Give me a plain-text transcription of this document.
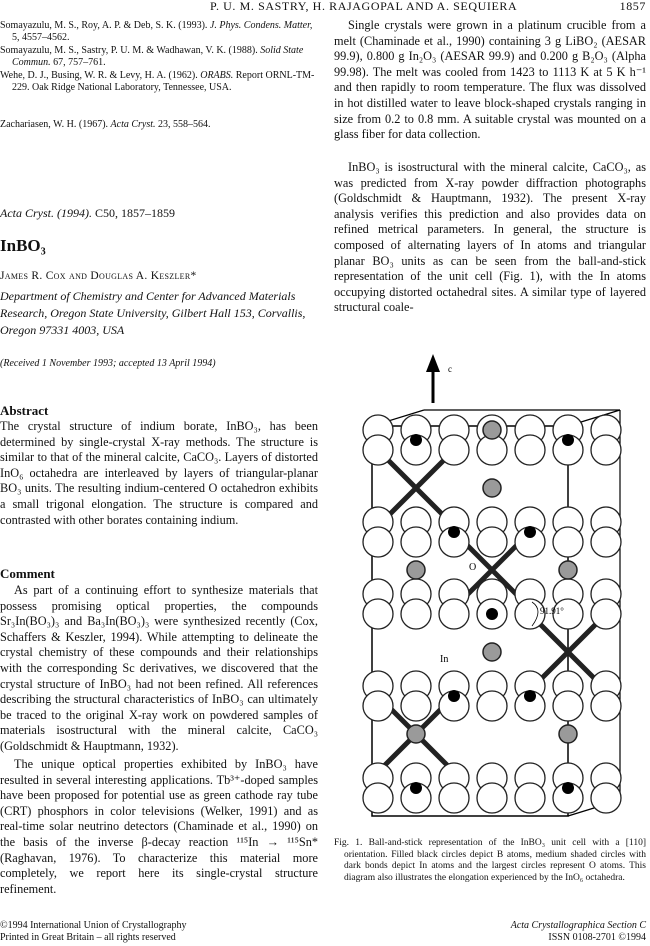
P. U. M. SASTRY, H. RAJAGOPAL AND A. SEQUIERA	1857
Somayazulu, M. S., Roy, A. P. & Deb, S. K. (1993). J. Phys. Condens. Matter, 5, 4557–4562.
Somayazulu, M. S., Sastry, P. U. M. & Wadhawan, V. K. (1988). Solid State Commun. 67, 757–761.
Wehe, D. J., Busing, W. R. & Levy, H. A. (1962). ORABS. Report ORNL-TM-229. Oak Ridge National Laboratory, Tennessee, USA.
Zachariasen, W. H. (1967). Acta Cryst. 23, 558–564.
Acta Cryst. (1994). C50, 1857–1859
InBO₃
James R. Cox and Douglas A. Keszler*
Department of Chemistry and Center for Advanced Materials Research, Oregon State University, Gilbert Hall 153, Corvallis, Oregon 97331 4003, USA
(Received 1 November 1993; accepted 13 April 1994)
Abstract
The crystal structure of indium borate, InBO₃, has been determined by single-crystal X-ray methods. The structure is similar to that of the mineral calcite, CaCO₃. Layers of distorted InO₆ octahedra are interleaved by layers of triangular-planar BO₃ units. The resulting indium-centered O octahedron exhibits a small trigonal elongation. The structure is compared and contrasted with other borates containing indium.
Comment
As part of a continuing effort to synthesize materials that possess promising optical properties, the compounds Sr₃In(BO₃)₃ and Ba₃In(BO₃)₃ were synthesized recently (Cox, Schaffers & Keszler, 1994). While attempting to delineate the crystal chemistry of these compounds and their relationships with the corresponding Sc derivatives, we discovered that the crystal structure of InBO₃ had not been refined. All references describing the structural characteristics of InBO₃ can ultimately be traced to the original X-ray work on powdered samples of materials isostructural with the mineral calcite, CaCO₃ (Goldschmidt & Hauptmann, 1932).
The unique optical properties exhibited by InBO₃ have resulted in several interesting applications. Tb³⁺-doped samples have been proposed for potential use as green cathode ray tube (CRT) phosphors in color televisions (Welker, 1991) and as real-time solar neutrino detectors (Chaminade et al., 1990) on the basis of the inverse β-decay reaction ¹¹⁵In → ¹¹⁵Sn* (Raghavan, 1976). To characterize this material more completely, we report here its single-crystal structure refinement.
Single crystals were grown in a platinum crucible from a melt (Chaminade et al., 1990) containing 3 g LiBO₂ (AESAR 99.9), 0.800 g In₂O₃ (AESAR 99.9) and 0.200 g B₂O₃ (Alpha 99.98). The melt was cooled from 1423 to 1113 K at 5 K h⁻¹ and then rapidly to room temperature. The flux was dissolved in hot distilled water to leave block-shaped crystals ranging in size from 0.2 to 0.8 mm. A suitable crystal was mounted on a glass fiber for data collection.
InBO₃ is isostructural with the mineral calcite, CaCO₃, as was predicted from X-ray powder diffraction photographs (Goldschmidt & Hauptmann, 1932). The present X-ray analysis verifies this prediction and also provides data on refined metrical parameters. In general, the structure is composed of alternating layers of In atoms and triangular planar BO₃ units as can be seen from the ball-and-stick representation of the unit cell (Fig. 1), with the In atoms occupying distorted octahedral sites. A similar type of layered structural coale-
c
O
In
91.91°
Fig. 1. Ball-and-stick representation of the InBO₃ unit cell with a [110] orientation. Filled black circles depict B atoms, medium shaded circles with dark bonds depict In atoms and the largest circles represent O atoms. This diagram also illustrates the elongation experienced by the InO₆ octahedra.
©1994 International Union of Crystallography
Printed in Great Britain – all rights reserved
Acta Crystallographica Section C
ISSN 0108-2701 ©1994
